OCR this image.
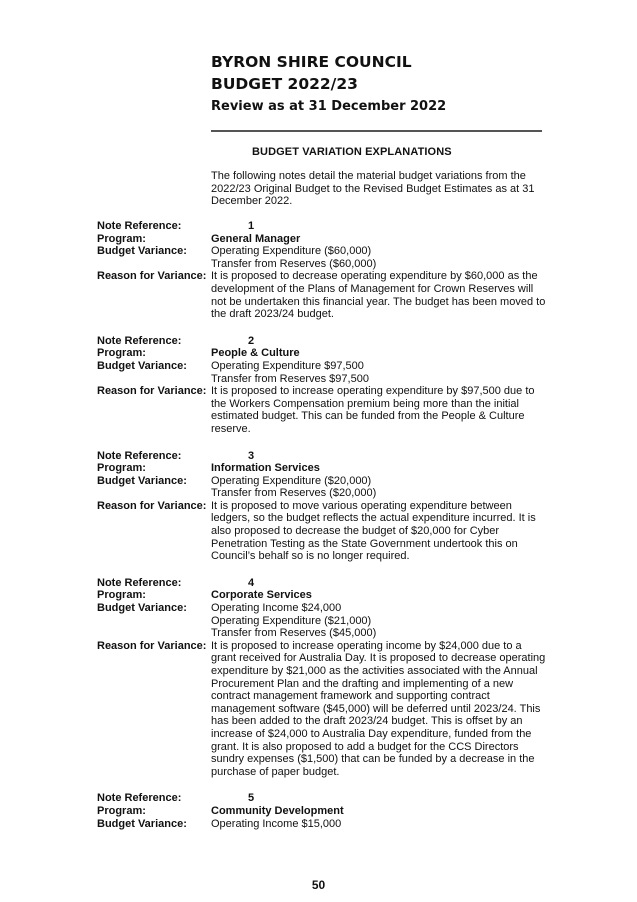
BYRON SHIRE COUNCIL
BUDGET 2022/23
Review as at 31 December 2022
BUDGET VARIATION EXPLANATIONS
The following notes detail the material budget variations from the 2022/23 Original Budget to the Revised Budget Estimates as at 31 December 2022.
Note Reference:	1
Program:	General Manager
Budget Variance:	Operating Expenditure ($60,000)
Transfer from Reserves ($60,000)
Reason for Variance: It is proposed to decrease operating expenditure by $60,000 as the development of the Plans of Management for Crown Reserves will not be undertaken this financial year. The budget has been moved to the draft 2023/24 budget.
Note Reference:	2
Program:	People & Culture
Budget Variance:	Operating Expenditure $97,500
Transfer from Reserves $97,500
Reason for Variance: It is proposed to increase operating expenditure by $97,500 due to the Workers Compensation premium being more than the initial estimated budget. This can be funded from the People & Culture reserve.
Note Reference:	3
Program:	Information Services
Budget Variance:	Operating Expenditure ($20,000)
Transfer from Reserves ($20,000)
Reason for Variance: It is proposed to move various operating expenditure between ledgers, so the budget reflects the actual expenditure incurred. It is also proposed to decrease the budget of $20,000 for Cyber Penetration Testing as the State Government undertook this on Council’s behalf so is no longer required.
Note Reference:	4
Program:	Corporate Services
Budget Variance:	Operating Income $24,000
Operating Expenditure ($21,000)
Transfer from Reserves ($45,000)
Reason for Variance: It is proposed to increase operating income by $24,000 due to a grant received for Australia Day. It is proposed to decrease operating expenditure by $21,000 as the activities associated with the Annual Procurement Plan and the drafting and implementing of a new contract management framework and supporting contract management software ($45,000) will be deferred until 2023/24. This has been added to the draft 2023/24 budget. This is offset by an increase of $24,000 to Australia Day expenditure, funded from the grant. It is also proposed to add a budget for the CCS Directors sundry expenses ($1,500) that can be funded by a decrease in the purchase of paper budget.
Note Reference:	5
Program:	Community Development
Budget Variance:	Operating Income $15,000
50
